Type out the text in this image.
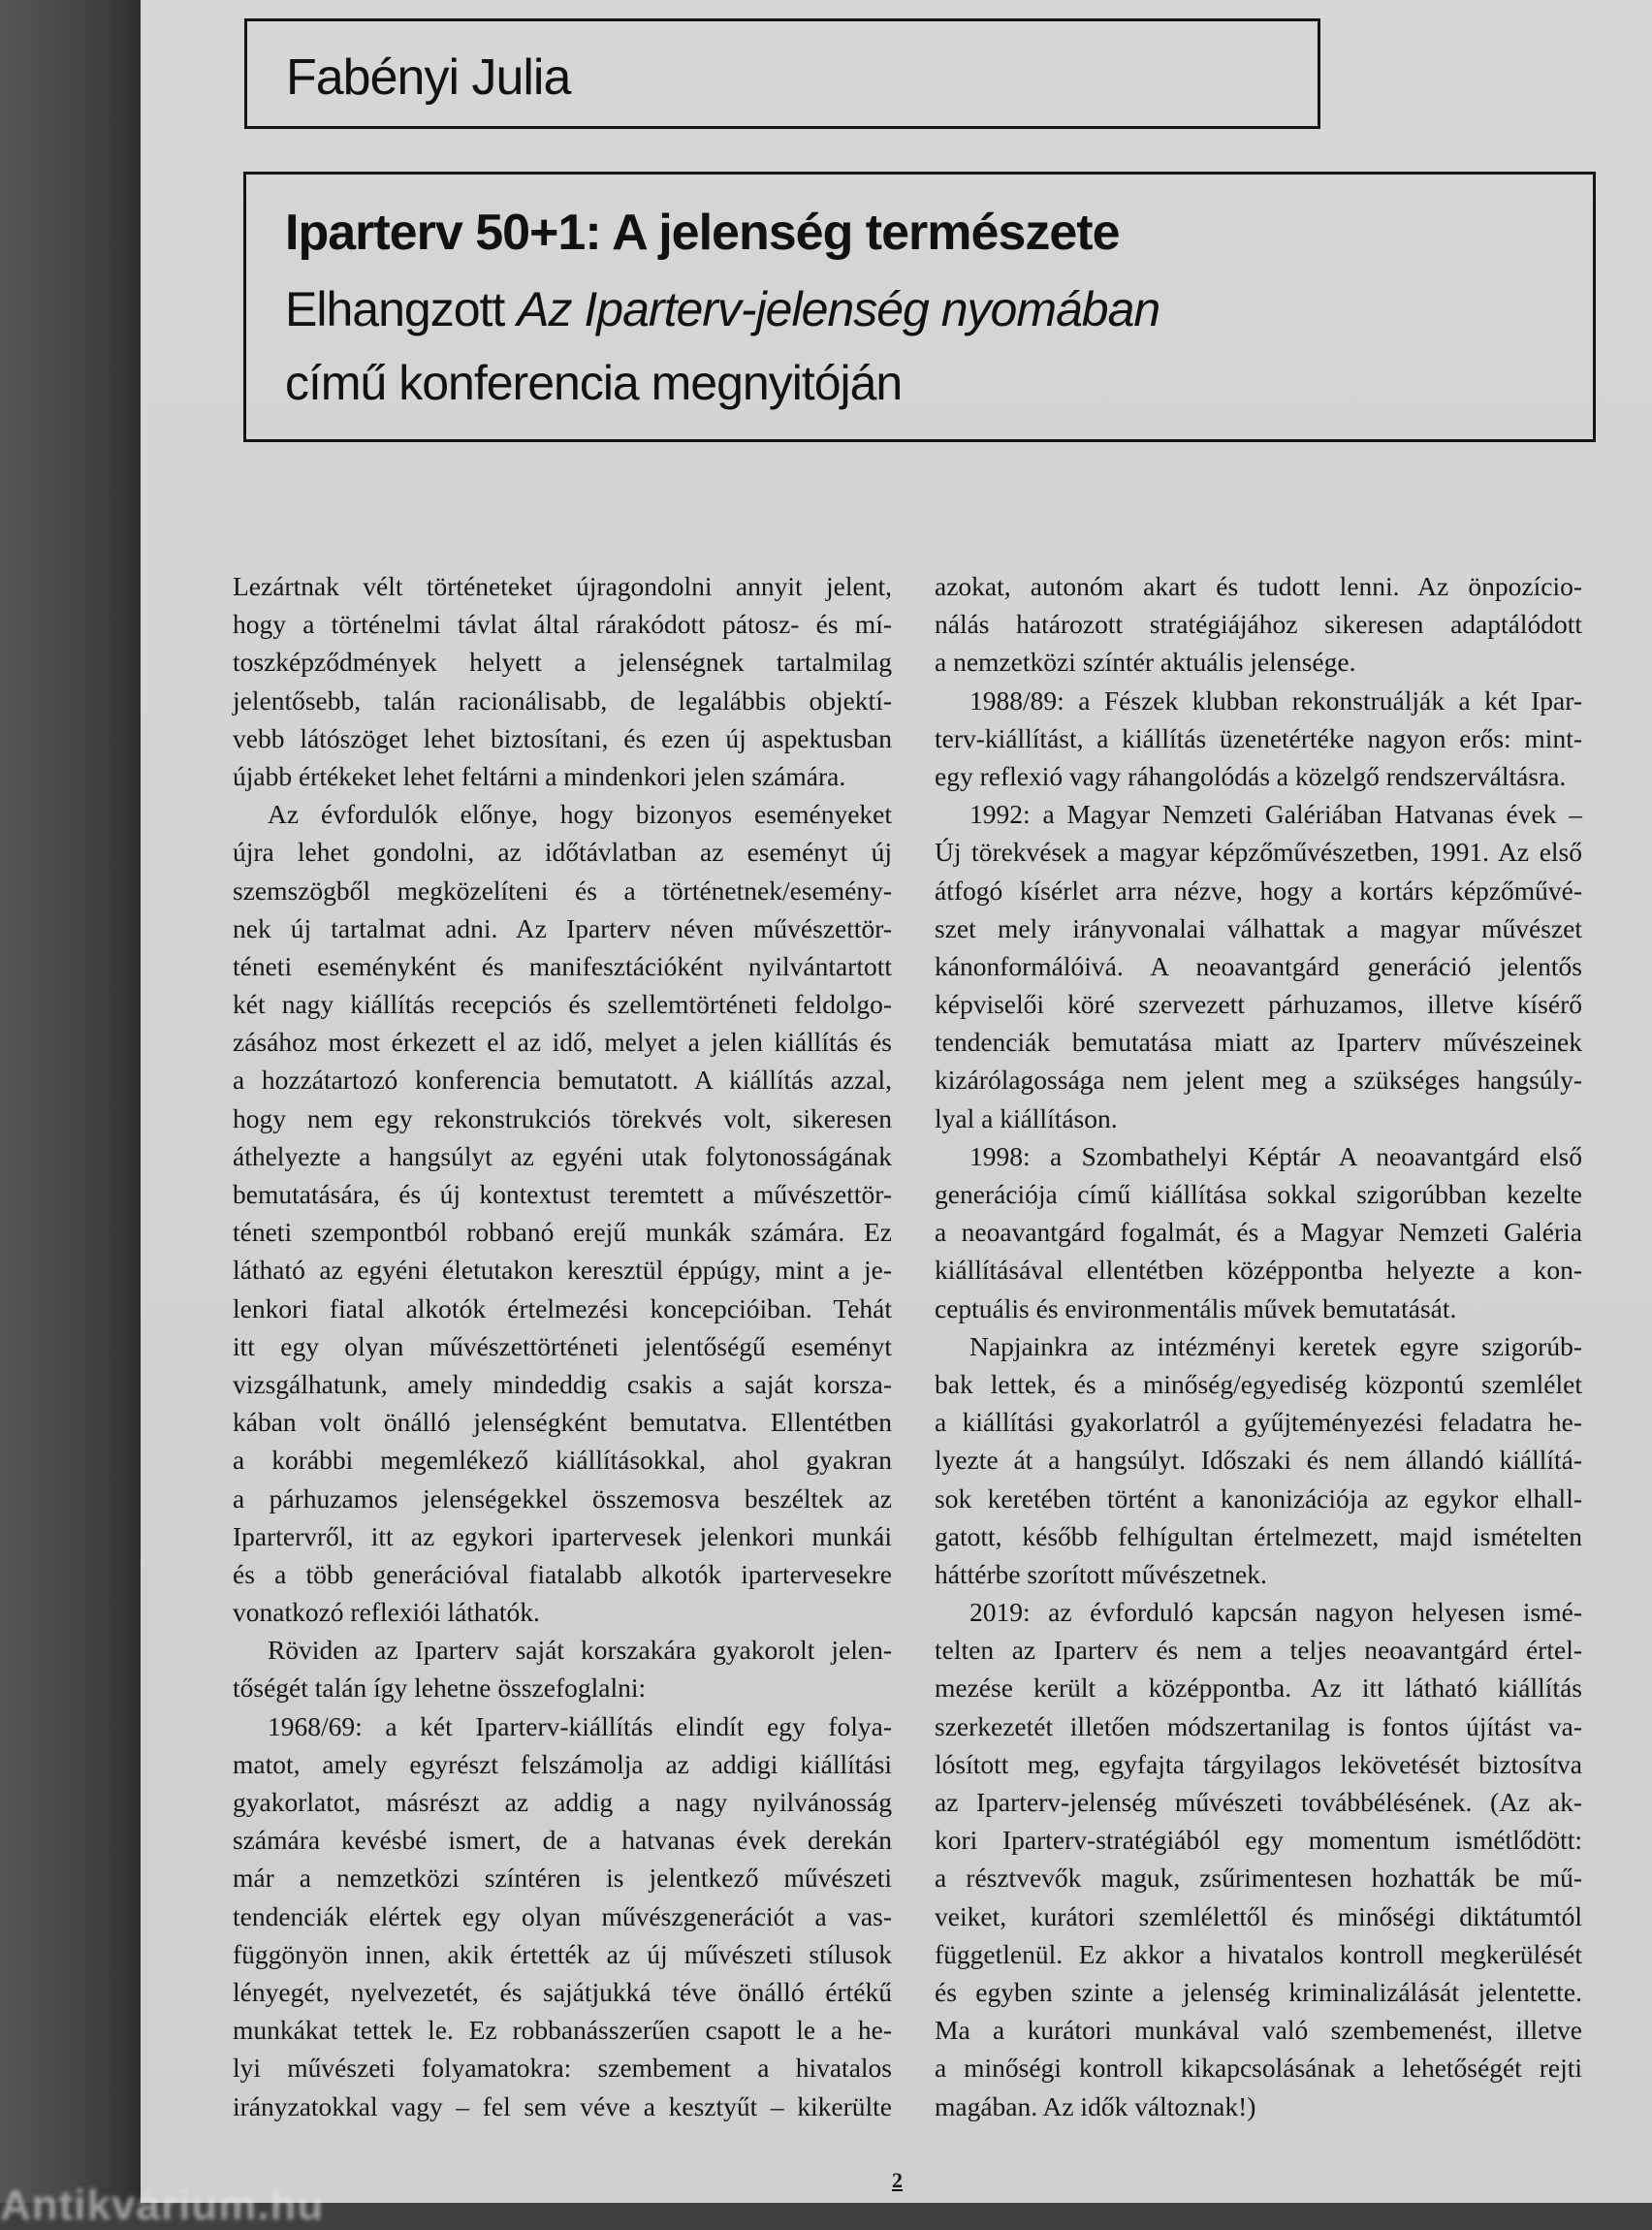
Fabényi Julia
Iparterv 50+1: A jelenség természete
Elhangzott Az Iparterv-jelenség nyomában
című konferencia megnyitóján
Lezártnak vélt történeteket újragondolni annyit jelent,
hogy a történelmi távlat által rárakódott pátosz- és mí-
toszképződmények helyett a jelenségnek tartalmilag
jelentősebb, talán racionálisabb, de legalábbis objektí-
vebb látószöget lehet biztosítani, és ezen új aspektusban
újabb értékeket lehet feltárni a mindenkori jelen számára.
Az évfordulók előnye, hogy bizonyos eseményeket
újra lehet gondolni, az időtávlatban az eseményt új
szemszögből megközelíteni és a történetnek/esemény-
nek új tartalmat adni. Az Iparterv néven művészettör-
téneti eseményként és manifesztációként nyilvántartott
két nagy kiállítás recepciós és szellemtörténeti feldolgo-
zásához most érkezett el az idő, melyet a jelen kiállítás és
a hozzátartozó konferencia bemutatott. A kiállítás azzal,
hogy nem egy rekonstrukciós törekvés volt, sikeresen
áthelyezte a hangsúlyt az egyéni utak folytonosságának
bemutatására, és új kontextust teremtett a művészettör-
téneti szempontból robbanó erejű munkák számára. Ez
látható az egyéni életutakon keresztül éppúgy, mint a je-
lenkori fiatal alkotók értelmezési koncepcióiban. Tehát
itt egy olyan művészettörténeti jelentőségű eseményt
vizsgálhatunk, amely mindeddig csakis a saját korsza-
kában volt önálló jelenségként bemutatva. Ellentétben
a korábbi megemlékező kiállításokkal, ahol gyakran
a párhuzamos jelenségekkel összemosva beszéltek az
Ipartervről, itt az egykori ipartervesek jelenkori munkái
és a több generációval fiatalabb alkotók ipartervesekre
vonatkozó reflexiói láthatók.
Röviden az Iparterv saját korszakára gyakorolt jelen-
tőségét talán így lehetne összefoglalni:
1968/69: a két Iparterv-kiállítás elindít egy folya-
matot, amely egyrészt felszámolja az addigi kiállítási
gyakorlatot, másrészt az addig a nagy nyilvánosság
számára kevésbé ismert, de a hatvanas évek derekán
már a nemzetközi színtéren is jelentkező művészeti
tendenciák elértek egy olyan művészgenerációt a vas-
függönyön innen, akik értették az új művészeti stílusok
lényegét, nyelvezetét, és sajátjukká téve önálló értékű
munkákat tettek le. Ez robbanásszerűen csapott le a he-
lyi művészeti folyamatokra: szembement a hivatalos
irányzatokkal vagy – fel sem véve a kesztyűt – kikerülte
azokat, autonóm akart és tudott lenni. Az önpozício-
nálás határozott stratégiájához sikeresen adaptálódott
a nemzetközi színtér aktuális jelensége.
1988/89: a Fészek klubban rekonstruálják a két Ipar-
terv-kiállítást, a kiállítás üzenetértéke nagyon erős: mint-
egy reflexió vagy ráhangolódás a közelgő rendszerváltásra.
1992: a Magyar Nemzeti Galériában Hatvanas évek –
Új törekvések a magyar képzőművészetben, 1991. Az első
átfogó kísérlet arra nézve, hogy a kortárs képzőművé-
szet mely irányvonalai válhattak a magyar művészet
kánonformálóivá. A neoavantgárd generáció jelentős
képviselői köré szervezett párhuzamos, illetve kísérő
tendenciák bemutatása miatt az Iparterv művészeinek
kizárólagossága nem jelent meg a szükséges hangsúly-
lyal a kiállításon.
1998: a Szombathelyi Képtár A neoavantgárd első
generációja című kiállítása sokkal szigorúbban kezelte
a neoavantgárd fogalmát, és a Magyar Nemzeti Galéria
kiállításával ellentétben középpontba helyezte a kon-
ceptuális és environmentális művek bemutatását.
Napjainkra az intézményi keretek egyre szigorúb-
bak lettek, és a minőség/egyediség központú szemlélet
a kiállítási gyakorlatról a gyűjteményezési feladatra he-
lyezte át a hangsúlyt. Időszaki és nem állandó kiállítá-
sok keretében történt a kanonizációja az egykor elhall-
gatott, később felhígultan értelmezett, majd ismételten
háttérbe szorított művészetnek.
2019: az évforduló kapcsán nagyon helyesen ismé-
telten az Iparterv és nem a teljes neoavantgárd értel-
mezése került a középpontba. Az itt látható kiállítás
szerkezetét illetően módszertanilag is fontos újítást va-
lósított meg, egyfajta tárgyilagos lekövetését biztosítva
az Iparterv-jelenség művészeti továbbélésének. (Az ak-
kori Iparterv-stratégiából egy momentum ismétlődött:
a résztvevők maguk, zsűrimentesen hozhatták be mű-
veiket, kurátori szemlélettől és minőségi diktátumtól
függetlenül. Ez akkor a hivatalos kontroll megkerülését
és egyben szinte a jelenség kriminalizálását jelentette.
Ma a kurátori munkával való szembemenést, illetve
a minőségi kontroll kikapcsolásának a lehetőségét rejti
magában. Az idők változnak!)
2
Antikvárium.hu
